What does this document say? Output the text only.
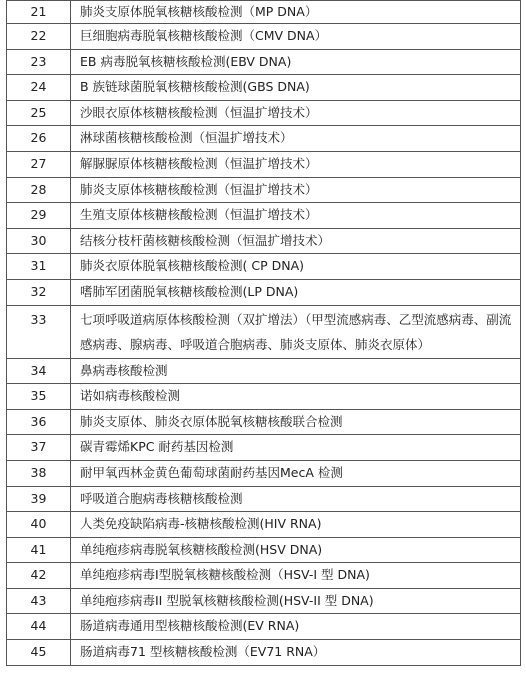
21	肺炎支原体脱氧核糖核酸检测（MP DNA）
22	巨细胞病毒脱氧核糖核酸检测（CMV DNA）
23	EB 病毒脱氧核糖核酸检测(EBV DNA)
24	B 族链球菌脱氧核糖核酸检测(GBS DNA)
25	沙眼衣原体核糖核酸检测（恒温扩增技术）
26	淋球菌核糖核酸检测（恒温扩增技术）
27	解脲脲原体核糖核酸检测（恒温扩增技术）
28	肺炎支原体核糖核酸检测（恒温扩增技术）
29	生殖支原体核糖核酸检测（恒温扩增技术）
30	结核分枝杆菌核糖核酸检测（恒温扩增技术）
31	肺炎衣原体脱氧核糖核酸检测( CP DNA)
32	嗜肺军团菌脱氧核糖核酸检测(LP DNA)
33	七项呼吸道病原体核酸检测（双扩增法）（甲型流感病毒、乙型流感病毒、副流感病毒、腺病毒、呼吸道合胞病毒、肺炎支原体、肺炎衣原体）
34	鼻病毒核酸检测
35	诺如病毒核酸检测
36	肺炎支原体、肺炎衣原体脱氧核糖核酸联合检测
37	碳青霉烯KPC 耐药基因检测
38	耐甲氧西林金黄色葡萄球菌耐药基因MecA 检测
39	呼吸道合胞病毒核糖核酸检测
40	人类免疫缺陷病毒-核糖核酸检测(HIV RNA)
41	单纯疱疹病毒脱氧核糖核酸检测(HSV DNA)
42	单纯疱疹病毒Ⅰ型脱氧核糖核酸检测（HSV-I 型 DNA)
43	单纯疱疹病毒II 型脱氧核糖核酸检测(HSV-II 型 DNA)
44	肠道病毒通用型核糖核酸检测(EV RNA)
45	肠道病毒71 型核糖核酸检测（EV71 RNA）
